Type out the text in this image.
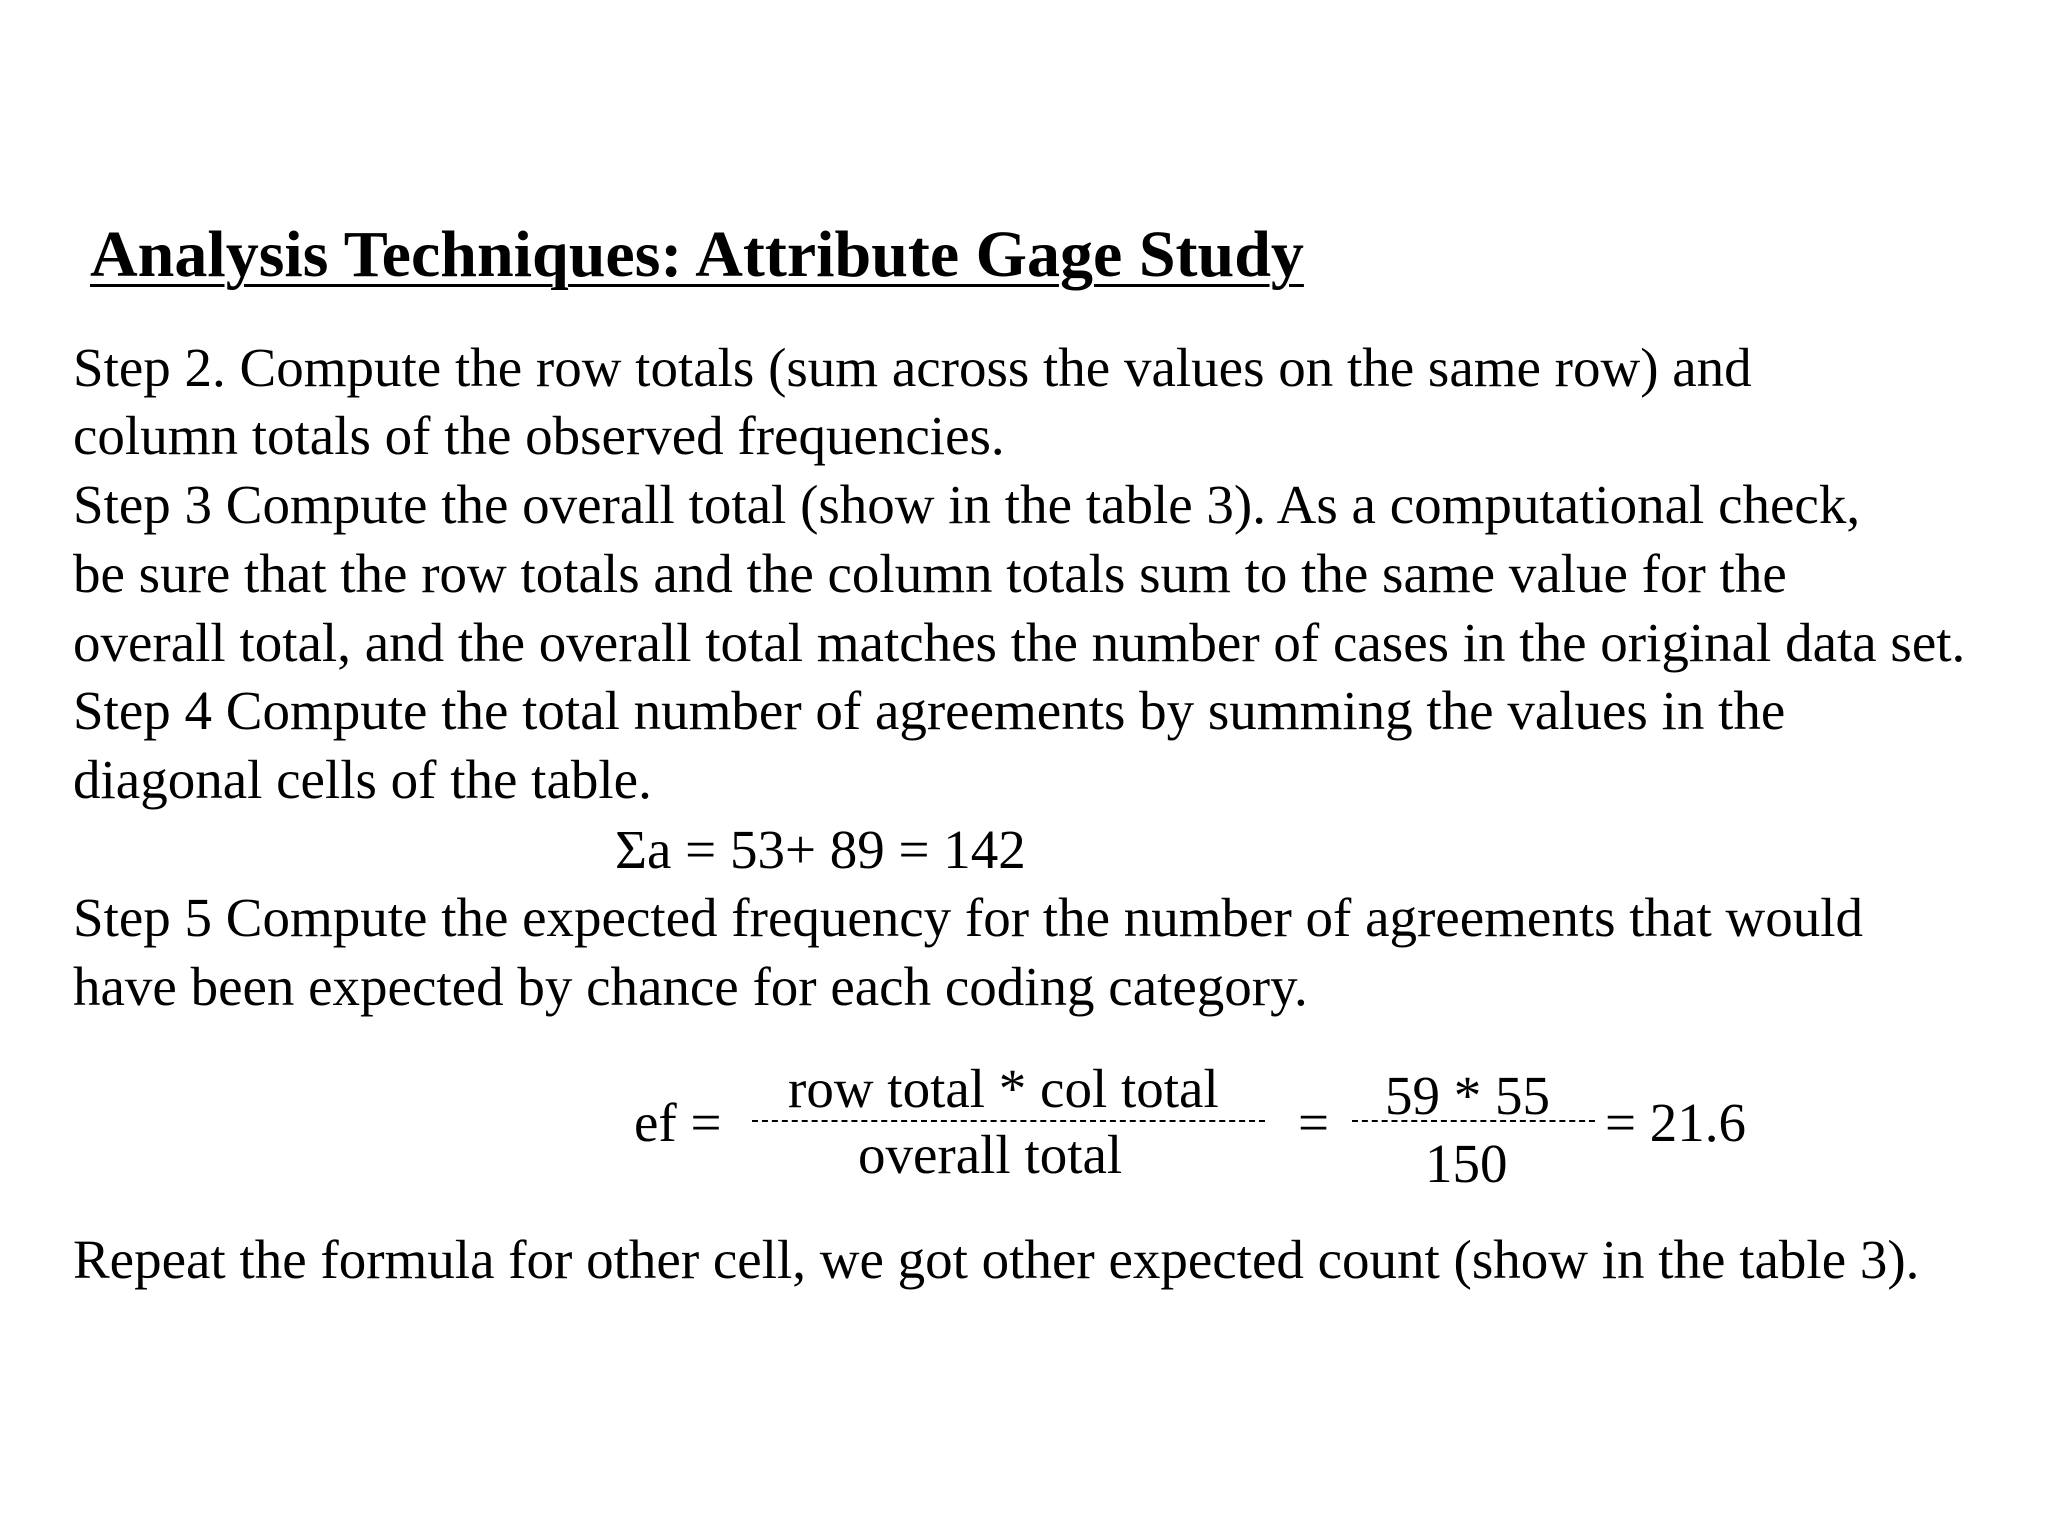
Analysis Techniques: Attribute Gage Study
Step 2. Compute the row totals (sum across the values on the same row) and
column totals of the observed frequencies.
Step 3 Compute the overall total (show in the table 3). As a computational check,
be sure that the row totals and the column totals sum to the same value for the
overall total, and the overall total matches the number of cases in the original data set.
Step 4 Compute the total number of agreements by summing the values in the
diagonal cells of the table.
Σa = 53+ 89 = 142
Step 5 Compute the expected frequency for the number of agreements that would
have been expected by chance for each coding category.
ef =
row total * col total
overall total
= 59 * 55
150
= 21.6
Repeat the formula for other cell, we got other expected count (show in the table 3).
